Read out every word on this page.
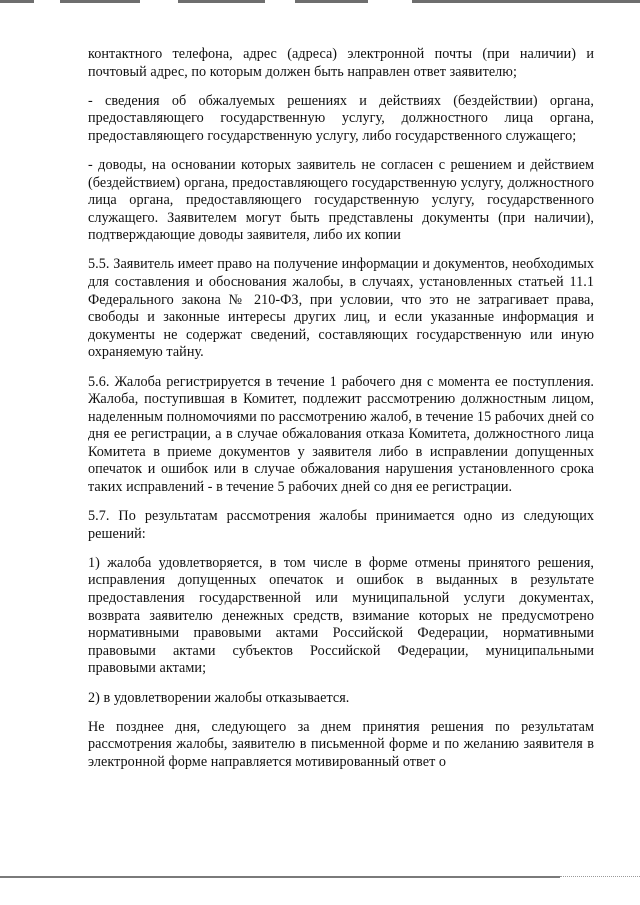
контактного телефона, адрес (адреса) электронной почты (при наличии) и почтовый адрес, по которым должен быть направлен ответ заявителю;

- сведения об обжалуемых решениях и действиях (бездействии) органа, предоставляющего государственную услугу, должностного лица органа, предоставляющего государственную услугу, либо государственного служащего;

- доводы, на основании которых заявитель не согласен с решением и действием (бездействием) органа, предоставляющего государственную услугу, должностного лица органа, предоставляющего государственную услугу, государственного служащего. Заявителем могут быть представлены документы (при наличии), подтверждающие доводы заявителя, либо их копии

5.5. Заявитель имеет право на получение информации и документов, необходимых для составления и обоснования жалобы, в случаях, установленных статьей 11.1 Федерального закона № 210-ФЗ, при условии, что это не затрагивает права, свободы и законные интересы других лиц, и если указанные информация и документы не содержат сведений, составляющих государственную или иную охраняемую тайну.

5.6. Жалоба регистрируется в течение 1 рабочего дня с момента ее поступления. Жалоба, поступившая в Комитет, подлежит рассмотрению должностным лицом, наделенным полномочиями по рассмотрению жалоб, в течение 15 рабочих дней со дня ее регистрации, а в случае обжалования отказа Комитета, должностного лица Комитета в приеме документов у заявителя либо в исправлении допущенных опечаток и ошибок или в случае обжалования нарушения установленного срока таких исправлений - в течение 5 рабочих дней со дня ее регистрации.

5.7. По результатам рассмотрения жалобы принимается одно из следующих решений:

1) жалоба удовлетворяется, в том числе в форме отмены принятого решения, исправления допущенных опечаток и ошибок в выданных в результате предоставления государственной или муниципальной услуги документах, возврата заявителю денежных средств, взимание которых не предусмотрено нормативными правовыми актами Российской Федерации, нормативными правовыми актами субъектов Российской Федерации, муниципальными правовыми актами;

2) в удовлетворении жалобы отказывается.

Не позднее дня, следующего за днем принятия решения по результатам рассмотрения жалобы, заявителю в письменной форме и по желанию заявителя в электронной форме направляется мотивированный ответ о
